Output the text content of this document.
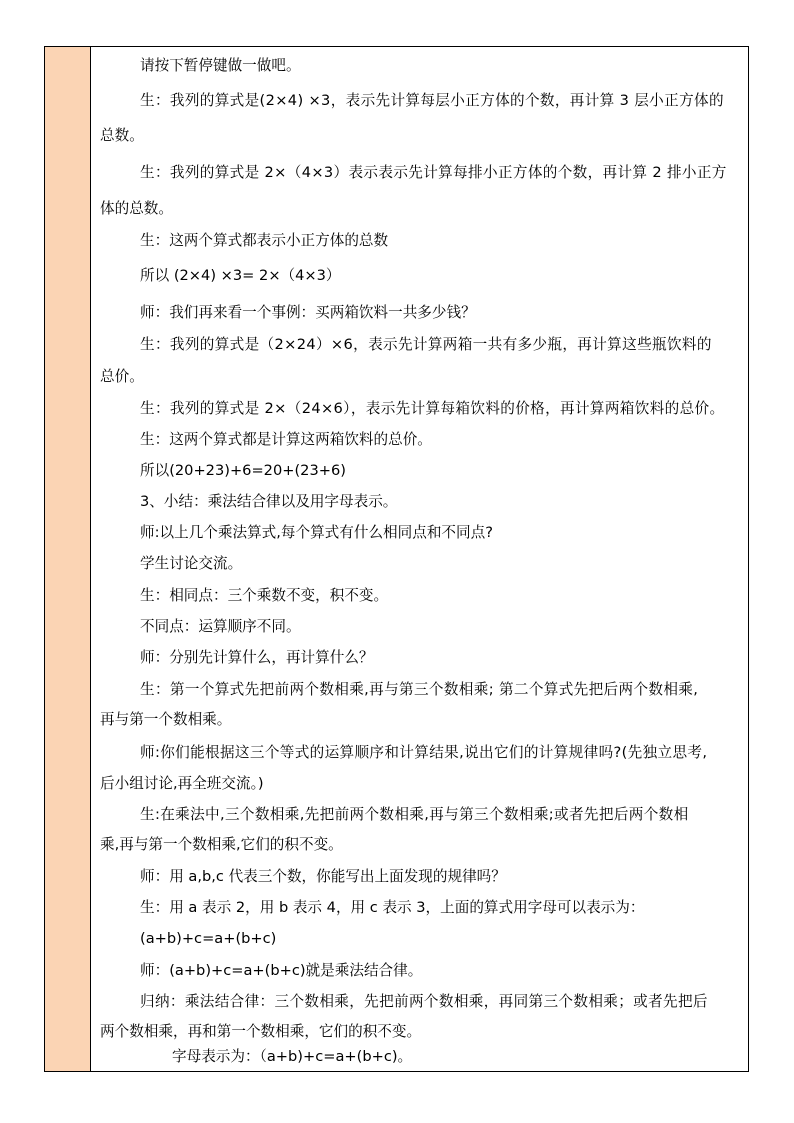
请按下暂停键做一做吧。
生：我列的算式是(2×4) ×3，表示先计算每层小正方体的个数，再计算 3 层小正方体的
总数。
生：我列的算式是 2×（4×3）表示表示先计算每排小正方体的个数，再计算 2 排小正方
体的总数。
生：这两个算式都表示小正方体的总数
所以 (2×4) ×3= 2×（4×3）
师：我们再来看一个事例：买两箱饮料一共多少钱？
生：我列的算式是（2×24）×6，表示先计算两箱一共有多少瓶，再计算这些瓶饮料的
总价。
生：我列的算式是 2×（24×6），表示先计算每箱饮料的价格，再计算两箱饮料的总价。
生：这两个算式都是计算这两箱饮料的总价。
所以(20+23)+6=20+(23+6)
3、小结：乘法结合律以及用字母表示。
师:以上几个乘法算式,每个算式有什么相同点和不同点?
学生讨论交流。
生：相同点：三个乘数不变，积不变。
不同点：运算顺序不同。
师：分别先计算什么，再计算什么？
生：第一个算式先把前两个数相乘,再与第三个数相乘; 第二个算式先把后两个数相乘,
再与第一个数相乘。
师:你们能根据这三个等式的运算顺序和计算结果,说出它们的计算规律吗?(先独立思考,
后小组讨论,再全班交流。)
生:在乘法中,三个数相乘,先把前两个数相乘,再与第三个数相乘;或者先把后两个数相
乘,再与第一个数相乘,它们的积不变。
师：用 a,b,c 代表三个数，你能写出上面发现的规律吗？
生：用 a 表示 2，用 b 表示 4，用 c 表示 3，上面的算式用字母可以表示为：
(a+b)+c=a+(b+c)
师：(a+b)+c=a+(b+c)就是乘法结合律。
归纳：乘法结合律：三个数相乘，先把前两个数相乘，再同第三个数相乘；或者先把后
两个数相乘，再和第一个数相乘，它们的积不变。
字母表示为：（a+b)+c=a+(b+c)。
